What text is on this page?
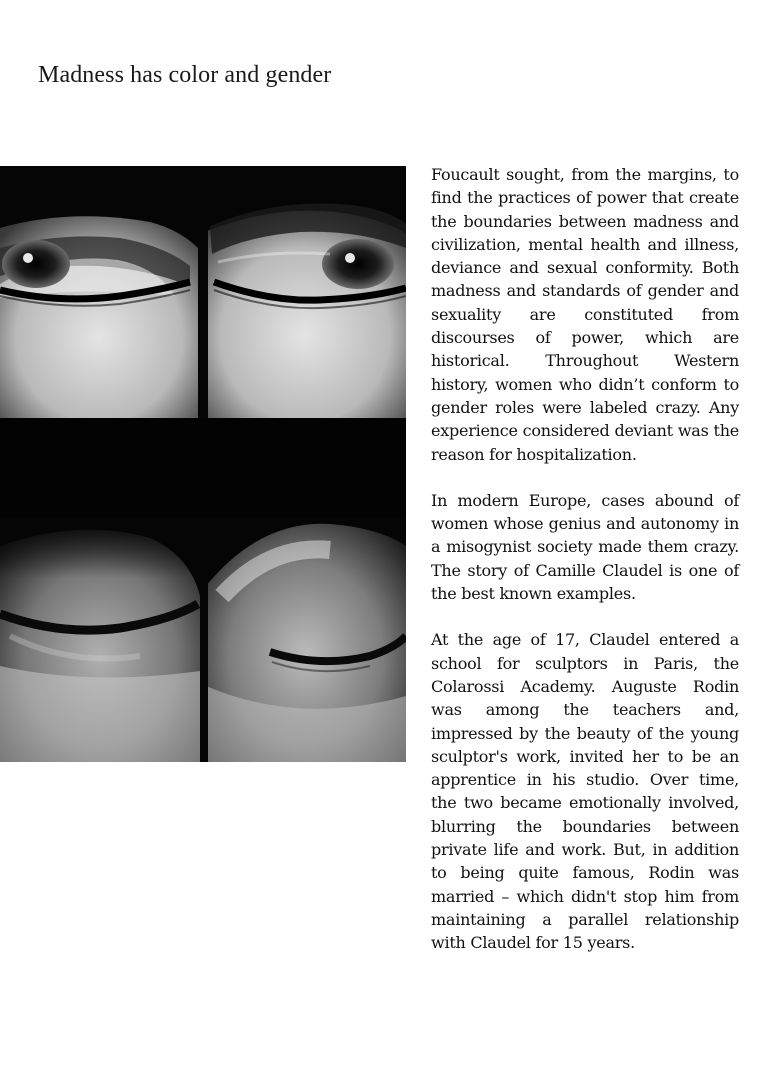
Madness has color and gender

Foucault sought, from the margins, to find the practices of power that create the boundaries between madness and civilization, mental health and illness, deviance and sexual conformity. Both madness and standards of gender and sexuality are constituted from discourses of power, which are historical. Throughout Western history, women who didn’t conform to gender roles were labeled crazy. Any experience considered deviant was the reason for hospitalization.

In modern Europe, cases abound of women whose genius and autonomy in a misogynist society made them crazy. The story of Camille Claudel is one of the best known examples.

At the age of 17, Claudel entered a school for sculptors in Paris, the Colarossi Academy. Auguste Rodin was among the teachers and, impressed by the beauty of the young sculptor's work, invited her to be an apprentice in his studio. Over time, the two became emotionally involved, blurring the boundaries between private life and work. But, in addition to being quite famous, Rodin was married – which didn't stop him from maintaining a parallel relationship with Claudel for 15 years.
